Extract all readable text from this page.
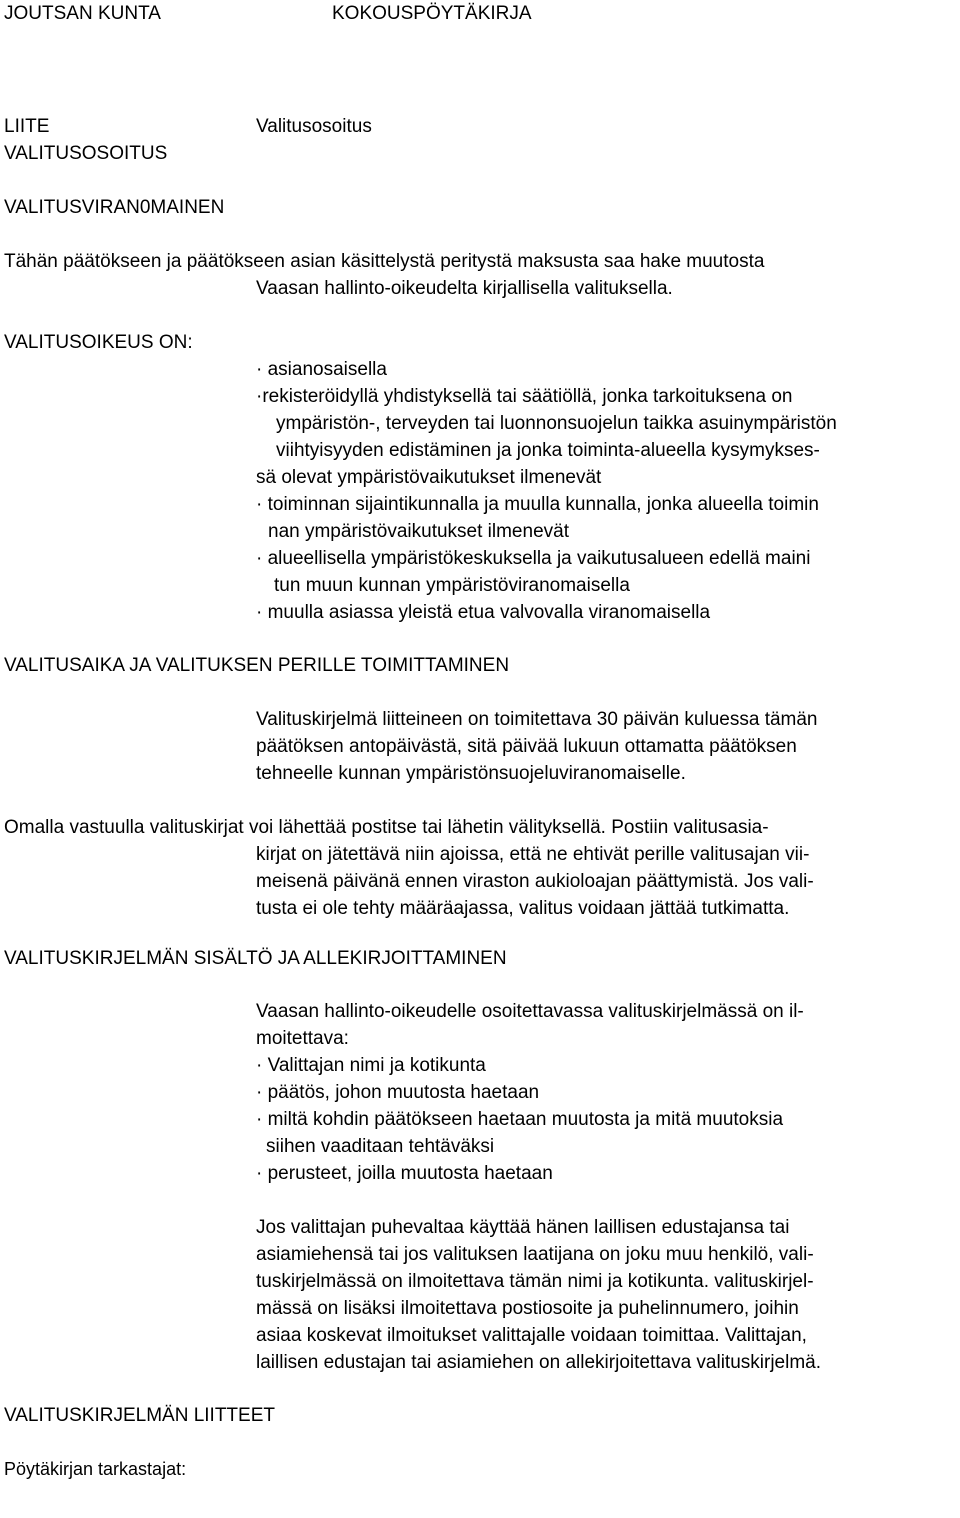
JOUTSAN KUNTA	KOKOUSPÖYTÄKIRJA
LIITE	Valitusosoitus
VALITUSOSOITUS
VALITUSVIRAN0MAINEN
Tähän päätökseen ja päätökseen asian käsittelystä peritystä maksusta saa hake muutosta
Vaasan hallinto-oikeudelta kirjallisella valituksella.
VALITUSOIKEUS ON:
· asianosaisella
·rekisteröidyllä yhdistyksellä tai säätiöllä, jonka tarkoituksena on
ympäristön-, terveyden tai luonnonsuojelun taikka asuinympäristön
viihtyisyyden edistäminen ja jonka toiminta-alueella kysymykses-
sä olevat ympäristövaikutukset ilmenevät
· toiminnan sijaintikunnalla ja muulla kunnalla, jonka alueella toimin
nan ympäristövaikutukset ilmenevät
· alueellisella ympäristökeskuksella ja vaikutusalueen edellä maini
tun muun kunnan ympäristöviranomaisella
· muulla asiassa yleistä etua valvovalla viranomaisella
VALITUSAIKA JA VALITUKSEN PERILLE TOIMITTAMINEN
Valituskirjelmä liitteineen on toimitettava 30 päivän kuluessa tämän
päätöksen antopäivästä, sitä päivää lukuun ottamatta päätöksen
tehneelle kunnan ympäristönsuojeluviranomaiselle.
Omalla vastuulla valituskirjat voi lähettää postitse tai lähetin välityksellä. Postiin valitusasia-
kirjat on jätettävä niin ajoissa, että ne ehtivät perille valitusajan vii-
meisenä päivänä ennen viraston aukioloajan päättymistä. Jos vali-
tusta ei ole tehty määräajassa, valitus voidaan jättää tutkimatta.
VALITUSKIRJELMÄN SISÄLTÖ JA ALLEKIRJOITTAMINEN
Vaasan hallinto-oikeudelle osoitettavassa valituskirjelmässä on il-
moitettava:
· Valittajan nimi ja kotikunta
· päätös, johon muutosta haetaan
· miltä kohdin päätökseen haetaan muutosta ja mitä muutoksia
siihen vaaditaan tehtäväksi
· perusteet, joilla muutosta haetaan
Jos valittajan puhevaltaa käyttää hänen laillisen edustajansa tai
asiamiehensä tai jos valituksen laatijana on joku muu henkilö, vali-
tuskirjelmässä on ilmoitettava tämän nimi ja kotikunta. valituskirjel-
mässä on lisäksi ilmoitettava postiosoite ja puhelinnumero, joihin
asiaa koskevat ilmoitukset valittajalle voidaan toimittaa. Valittajan,
laillisen edustajan tai asiamiehen on allekirjoitettava valituskirjelmä.
VALITUSKIRJELMÄN LIITTEET
Pöytäkirjan tarkastajat:
